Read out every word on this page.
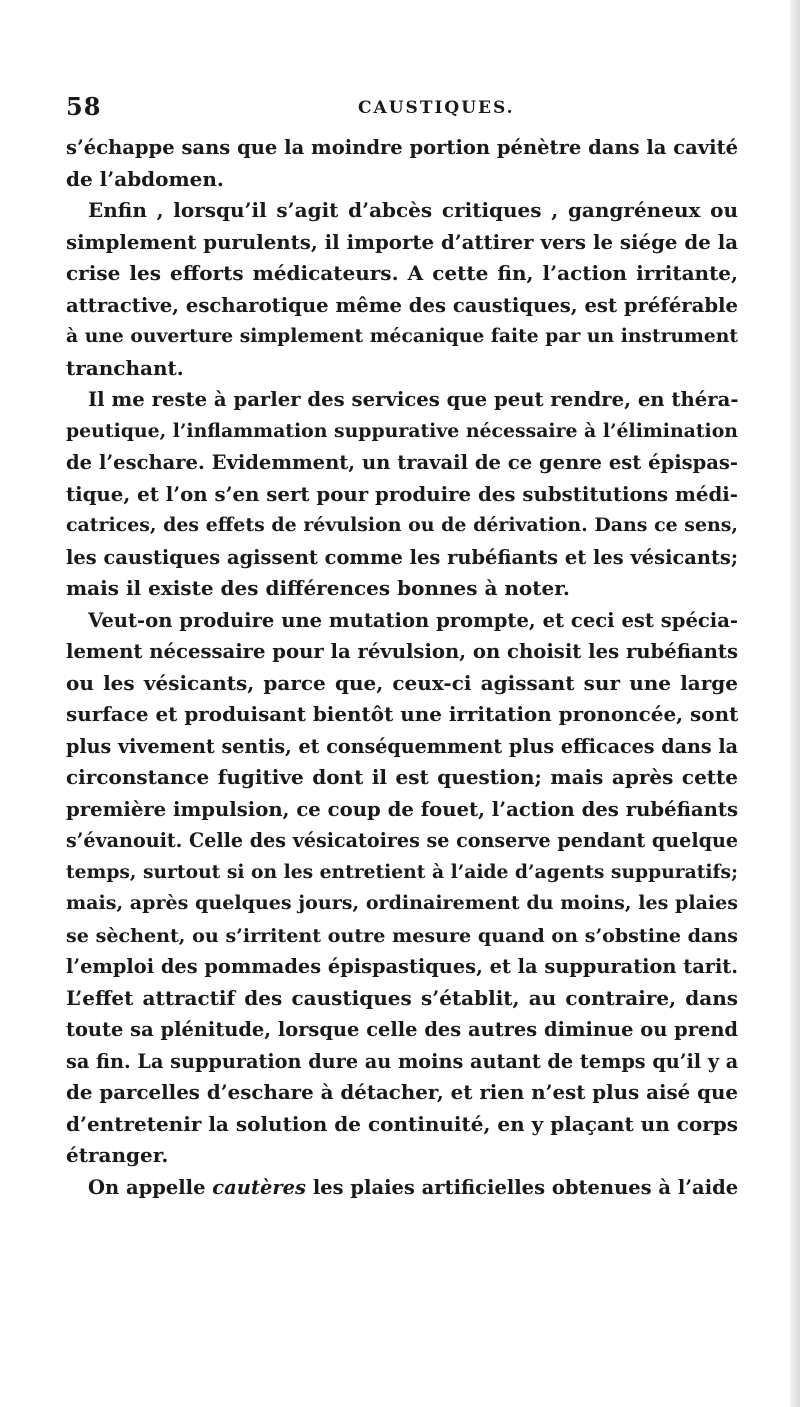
58	CAUSTIQUES.
s’échappe sans que la moindre portion pénètre dans la cavité
de l’abdomen.
Enfin , lorsqu’il s’agit d’abcès critiques , gangréneux ou
simplement purulents, il importe d’attirer vers le siége de la
crise les efforts médicateurs. A cette fin, l’action irritante,
attractive, escharotique même des caustiques, est préférable
à une ouverture simplement mécanique faite par un instrument
tranchant.
Il me reste à parler des services que peut rendre, en théra-
peutique, l’inflammation suppurative nécessaire à l’élimination
de l’eschare. Evidemment, un travail de ce genre est épispas-
tique, et l’on s’en sert pour produire des substitutions médi-
catrices, des effets de révulsion ou de dérivation. Dans ce sens,
les caustiques agissent comme les rubéfiants et les vésicants;
mais il existe des différences bonnes à noter.
Veut-on produire une mutation prompte, et ceci est spécia-
lement nécessaire pour la révulsion, on choisit les rubéfiants
ou les vésicants, parce que, ceux-ci agissant sur une large
surface et produisant bientôt une irritation prononcée, sont
plus vivement sentis, et conséquemment plus efficaces dans la
circonstance fugitive dont il est question; mais après cette
première impulsion, ce coup de fouet, l’action des rubéfiants
s’évanouit. Celle des vésicatoires se conserve pendant quelque
temps, surtout si on les entretient à l’aide d’agents suppuratifs;
mais, après quelques jours, ordinairement du moins, les plaies
se sèchent, ou s’irritent outre mesure quand on s’obstine dans
l’emploi des pommades épispastiques, et la suppuration tarit.
L’effet attractif des caustiques s’établit, au contraire, dans
toute sa plénitude, lorsque celle des autres diminue ou prend
sa fin. La suppuration dure au moins autant de temps qu’il y a
de parcelles d’eschare à détacher, et rien n’est plus aisé que
d’entretenir la solution de continuité, en y plaçant un corps
étranger.
On appelle cautères les plaies artificielles obtenues à l’aide
